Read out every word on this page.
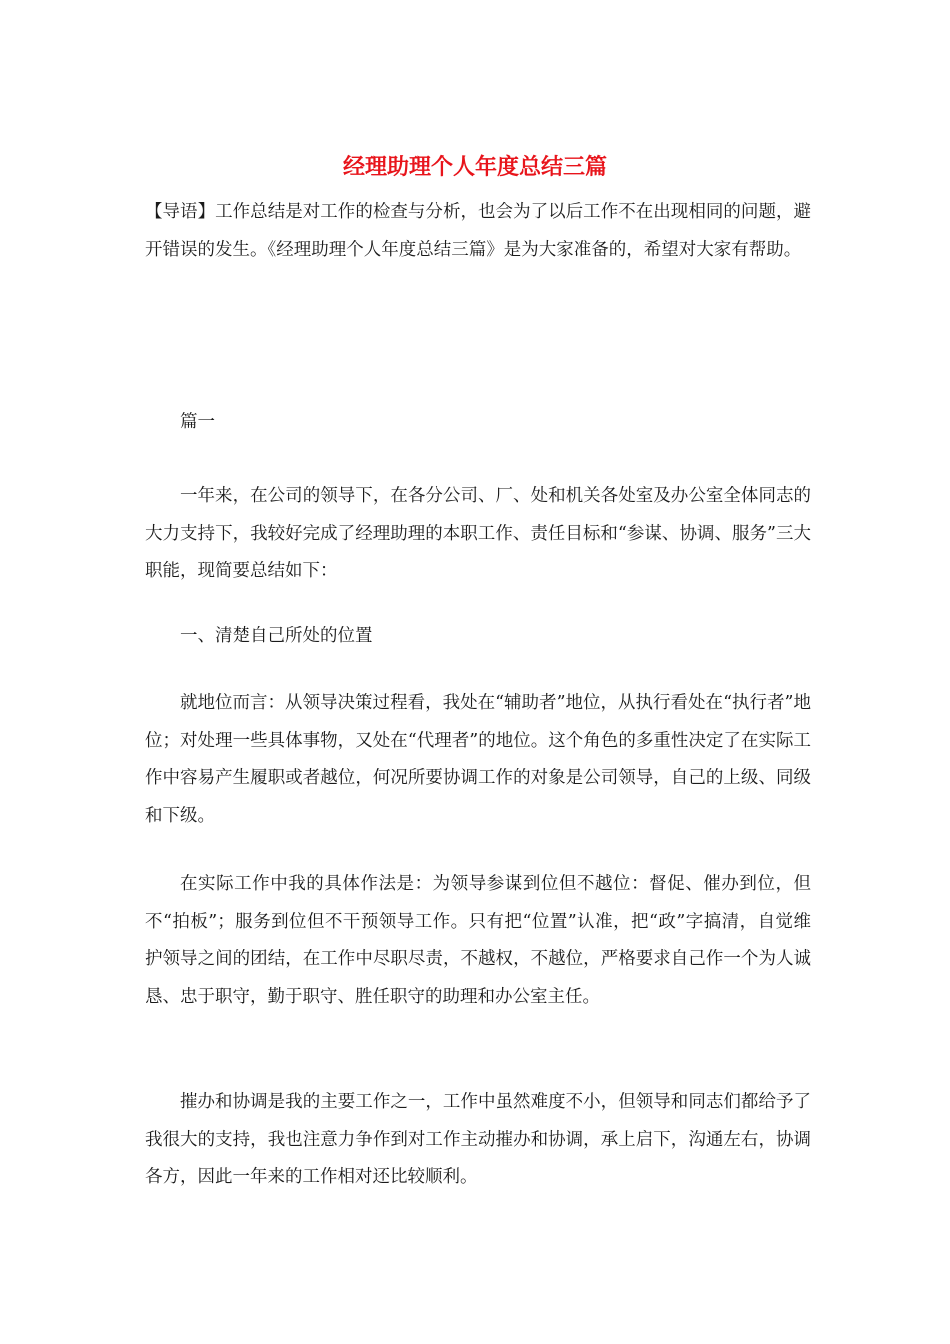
经理助理个人年度总结三篇

【导语】工作总结是对工作的检查与分析，也会为了以后工作不在出现相同的问题，避开错误的发生。《经理助理个人年度总结三篇》是为大家准备的，希望对大家有帮助。

篇一

一年来，在公司的领导下，在各分公司、厂、处和机关各处室及办公室全体同志的大力支持下，我较好完成了经理助理的本职工作、责任目标和“参谋、协调、服务”三大职能，现简要总结如下：

一、清楚自己所处的位置

就地位而言：从领导决策过程看，我处在“辅助者”地位，从执行看处在“执行者”地位；对处理一些具体事物，又处在“代理者”的地位。这个角色的多重性决定了在实际工作中容易产生履职或者越位，何况所要协调工作的对象是公司领导，自己的上级、同级和下级。

在实际工作中我的具体作法是：为领导参谋到位但不越位：督促、催办到位，但不“拍板”；服务到位但不干预领导工作。只有把“位置”认准，把“政”字搞清，自觉维护领导之间的团结，在工作中尽职尽责，不越权，不越位，严格要求自己作一个为人诚恳、忠于职守，勤于职守、胜任职守的助理和办公室主任。

摧办和协调是我的主要工作之一，工作中虽然难度不小，但领导和同志们都给予了我很大的支持，我也注意力争作到对工作主动摧办和协调，承上启下，沟通左右，协调各方，因此一年来的工作相对还比较顺利。
